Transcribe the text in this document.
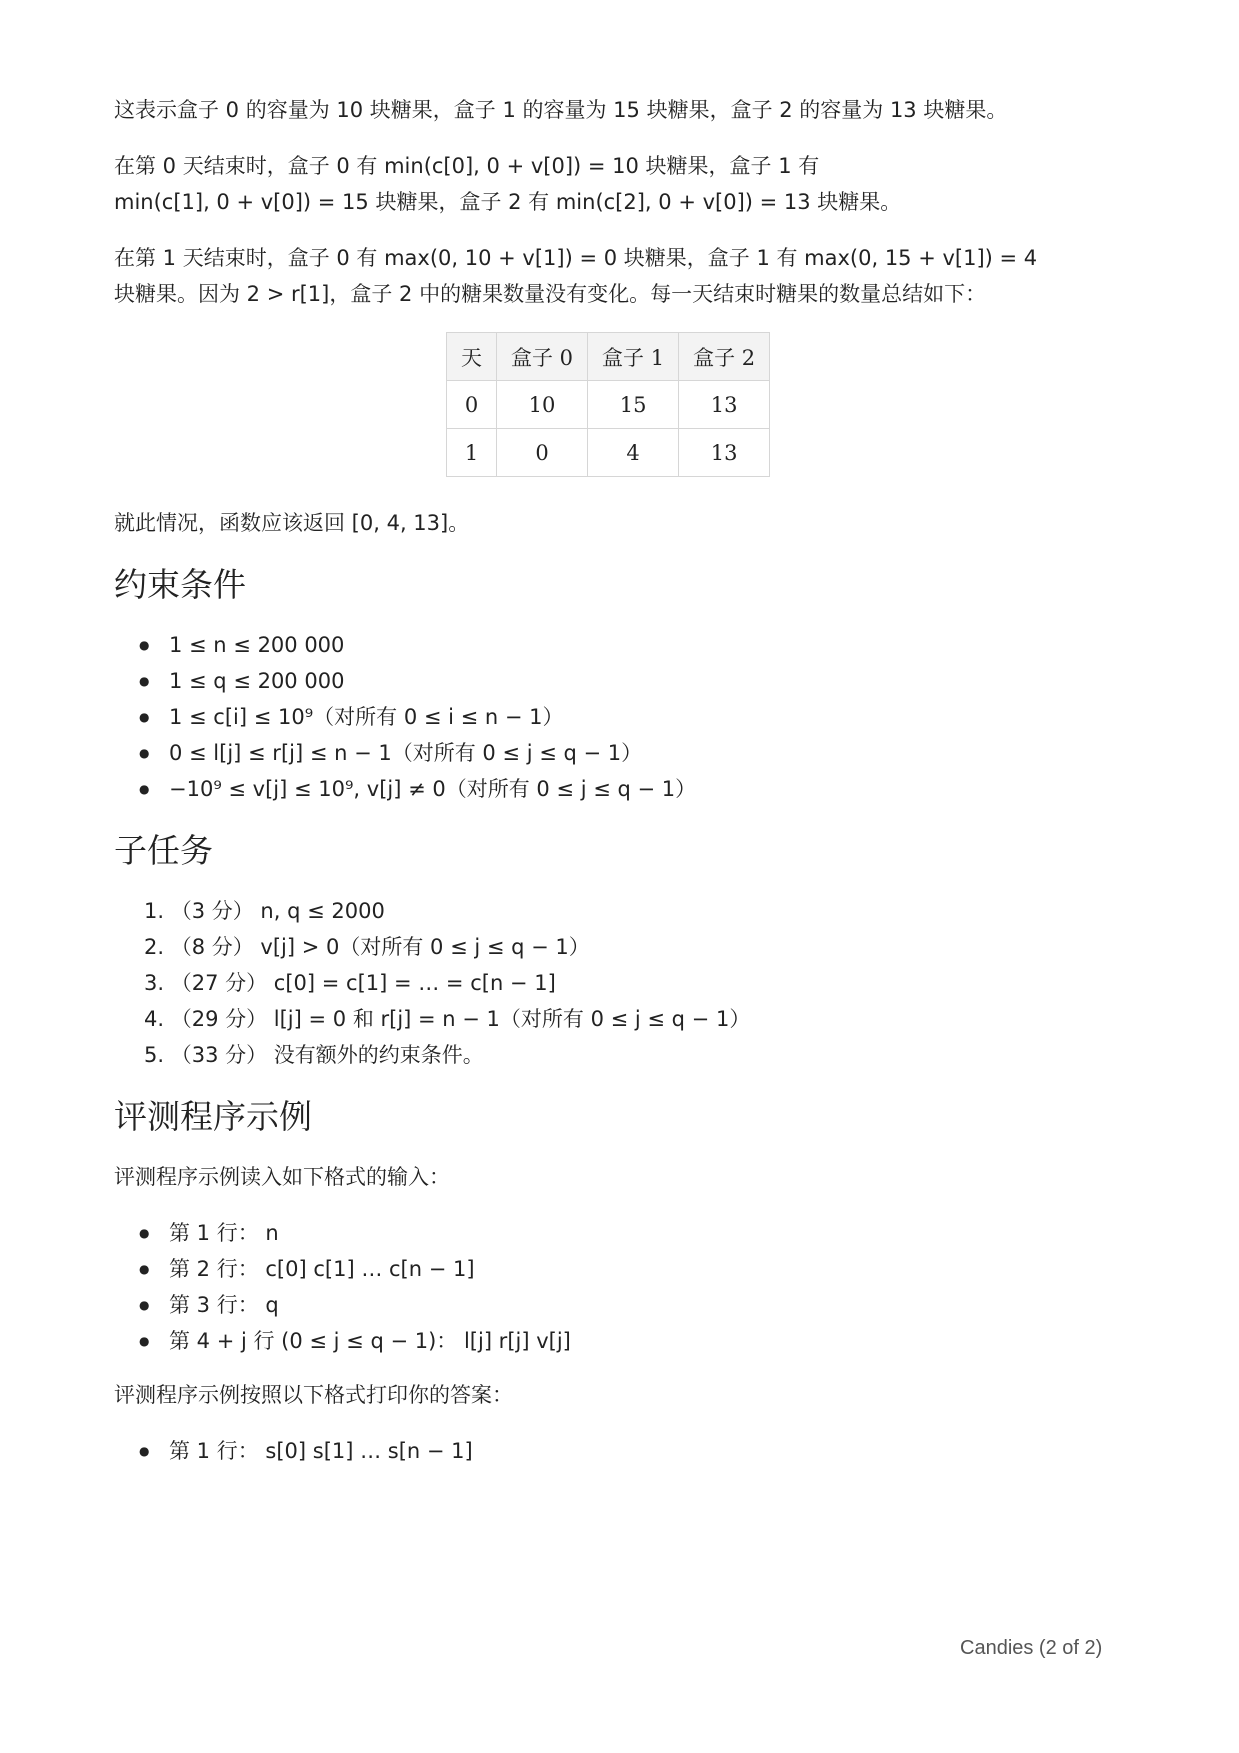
这表示盒子 0 的容量为 10 块糖果，盒子 1 的容量为 15 块糖果，盒子 2 的容量为 13 块糖果。

在第 0 天结束时，盒子 0 有 min(c[0], 0 + v[0]) = 10 块糖果，盒子 1 有
min(c[1], 0 + v[0]) = 15 块糖果，盒子 2 有 min(c[2], 0 + v[0]) = 13 块糖果。

在第 1 天结束时，盒子 0 有 max(0, 10 + v[1]) = 0 块糖果，盒子 1 有 max(0, 15 + v[1]) = 4
块糖果。因为 2 > r[1]，盒子 2 中的糖果数量没有变化。每一天结束时糖果的数量总结如下：

天	盒子 0	盒子 1	盒子 2
0	10	15	13
1	0	4	13

就此情况，函数应该返回 [0, 4, 13]。

约束条件
● 1 ≤ n ≤ 200 000
● 1 ≤ q ≤ 200 000
● 1 ≤ c[i] ≤ 10⁹（对所有 0 ≤ i ≤ n − 1）
● 0 ≤ l[j] ≤ r[j] ≤ n − 1（对所有 0 ≤ j ≤ q − 1）
● −10⁹ ≤ v[j] ≤ 10⁹, v[j] ≠ 0（对所有 0 ≤ j ≤ q − 1）
子任务
1. （3 分） n, q ≤ 2000
2. （8 分） v[j] > 0（对所有 0 ≤ j ≤ q − 1）
3. （27 分） c[0] = c[1] = … = c[n − 1]
4. （29 分） l[j] = 0 和 r[j] = n − 1（对所有 0 ≤ j ≤ q − 1）
5. （33 分） 没有额外的约束条件。
评测程序示例

评测程序示例读入如下格式的输入：

● 第 1 行： n
● 第 2 行： c[0] c[1] … c[n − 1]
● 第 3 行： q
● 第 4 + j 行 (0 ≤ j ≤ q − 1)： l[j] r[j] v[j]

评测程序示例按照以下格式打印你的答案：

● 第 1 行： s[0] s[1] … s[n − 1]
Candies (2 of 2)
